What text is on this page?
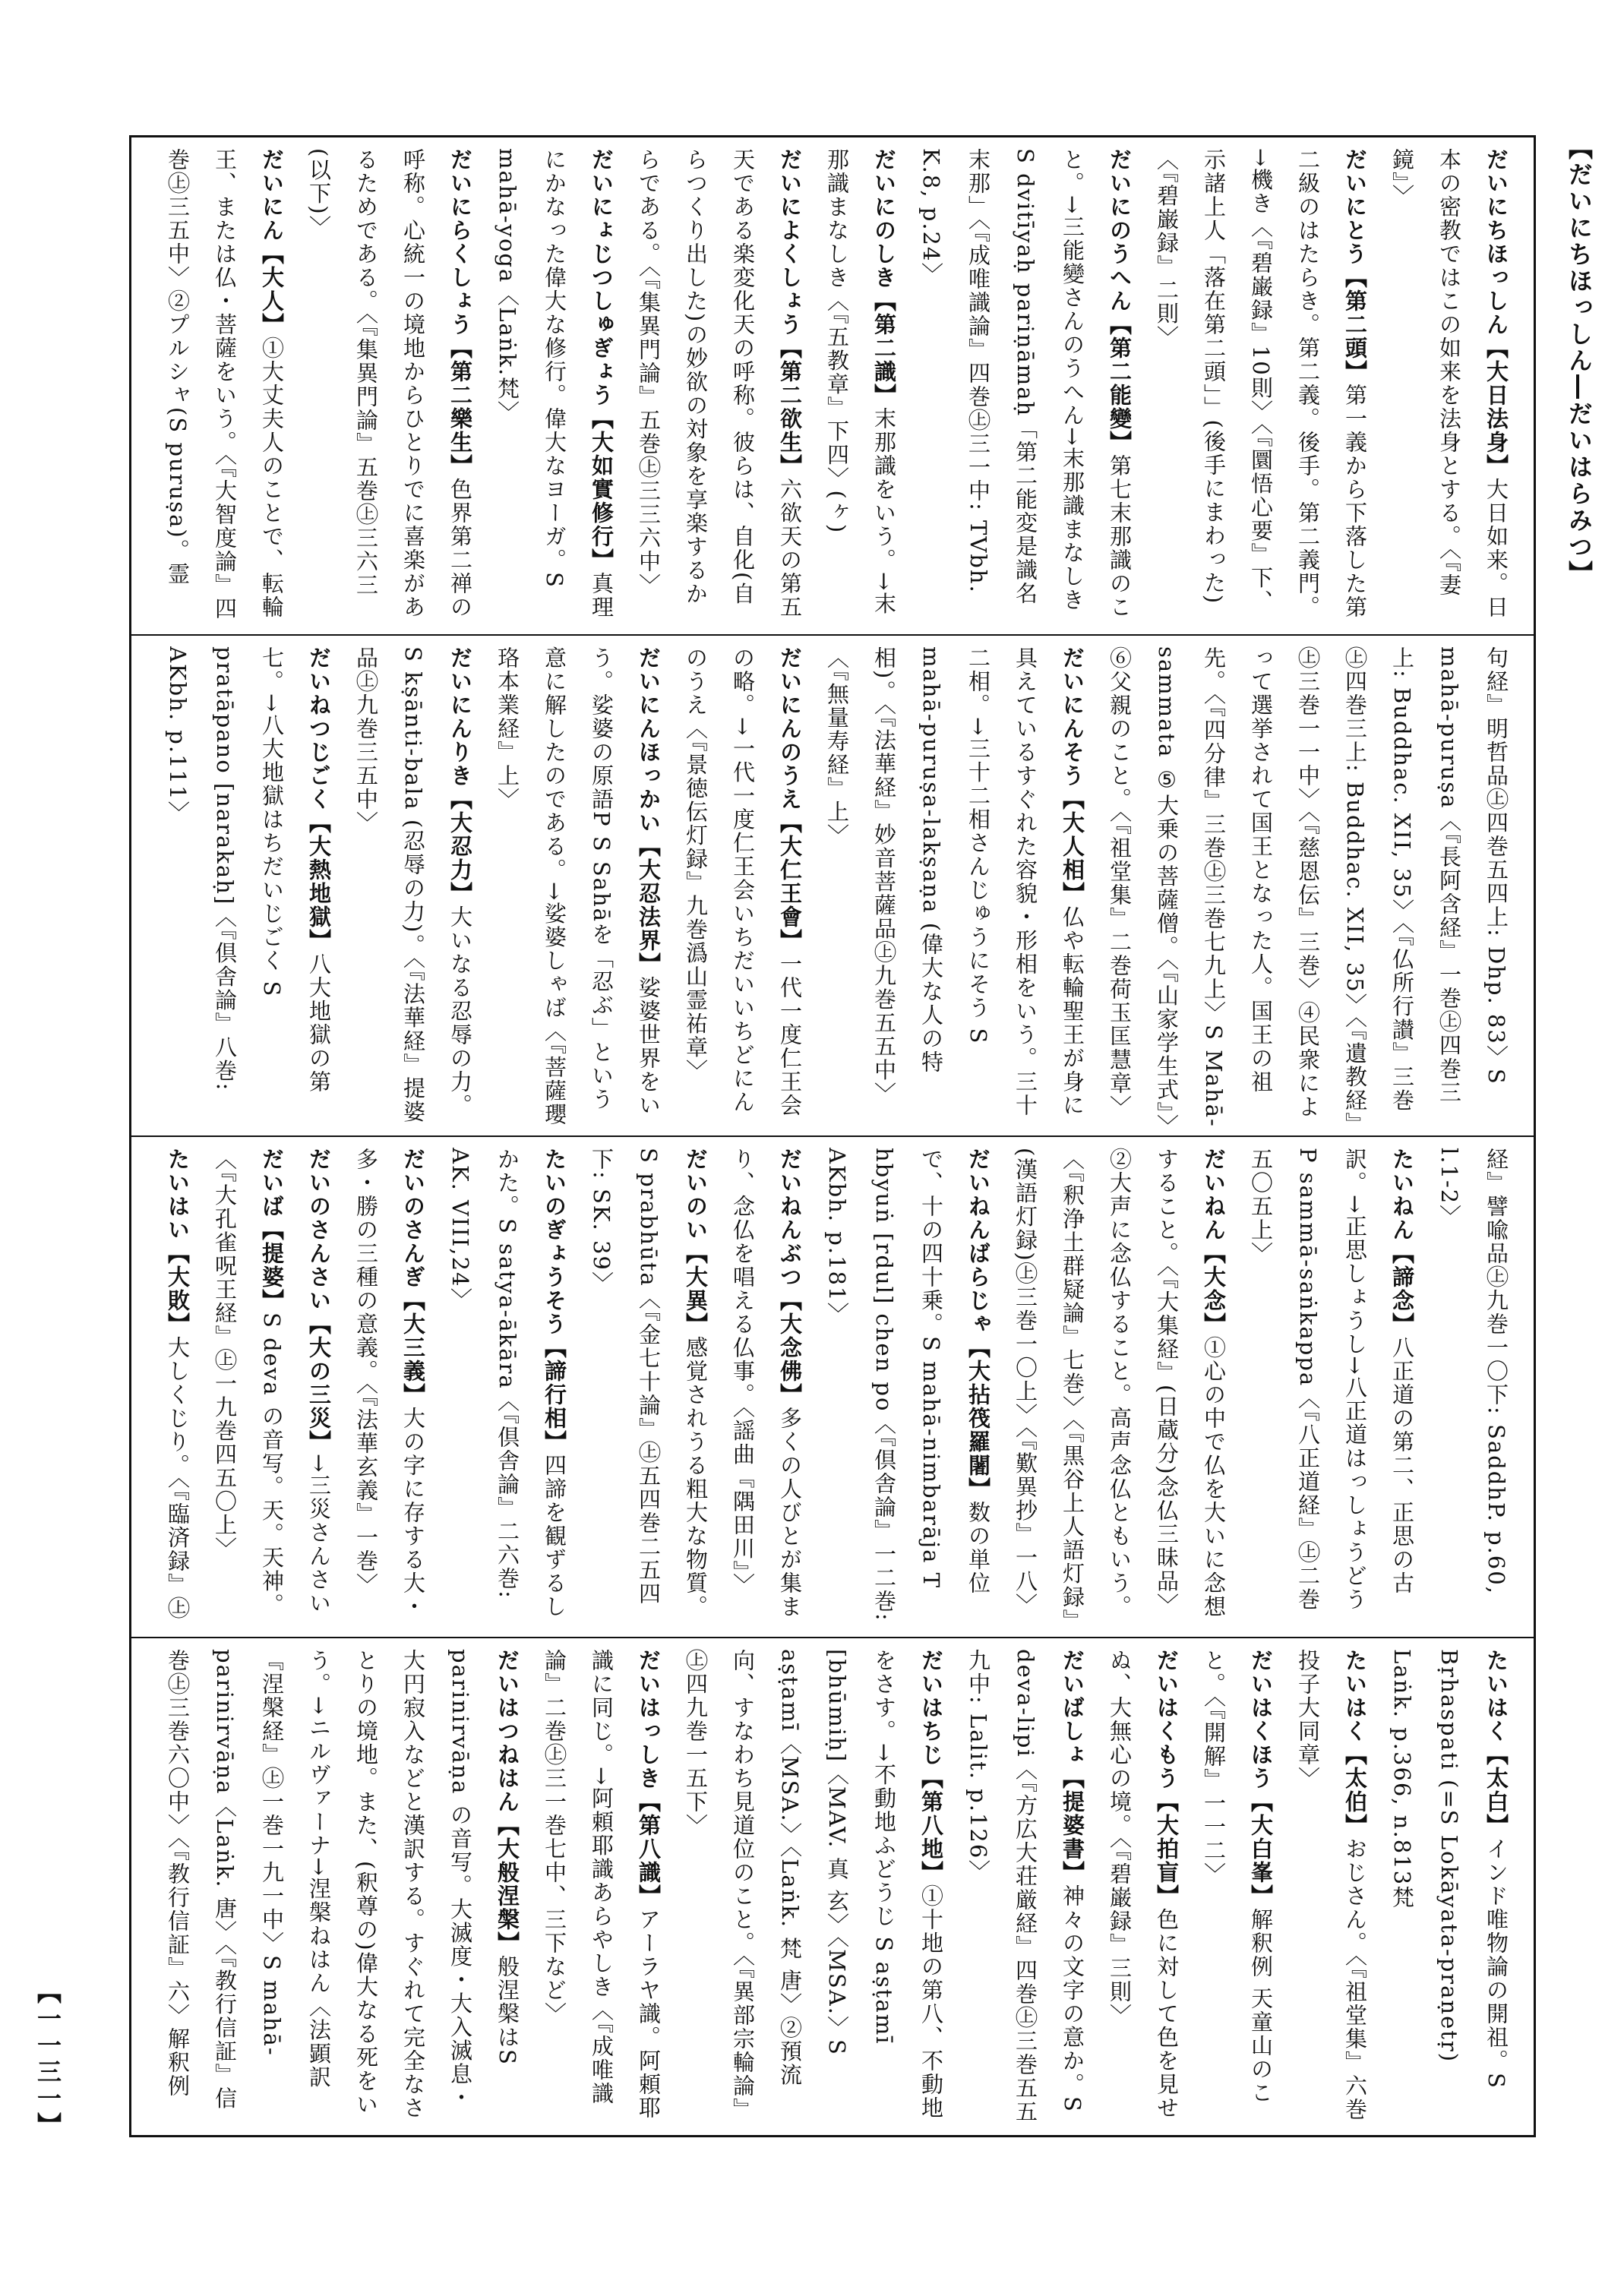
【だいにちほっしん―だいはらみつ】
だいにちほっしん【大日法身】大日如来。日本の密教ではこの如来を法身とする。〈『妻鏡』〉だいにとう【第二頭】第一義から下落した第二級のはたらき。第二義。後手。第二義門。→機き〈『碧巌録』10則〉〈『圜悟心要』下、示諸上人「落在第二頭」」(後手にまわった)〈『碧巌録』二則〉だいにのうへん【第二能變】第七末那識のこと。→三能變さんのうへん→末那識まなしき S dvitīyaḥ pariṇāmaḥ「第二能変是識名末那」〈『成唯識論』四巻㊤三一中: TVbh. K.8, p.24〉だいにのしき【第二識】末那識をいう。→末那識まなしき〈『五教章』下四〉(ヶ)だいによくしょう【第二欲生】六欲天の第五天である楽変化天の呼称。彼らは、自化(自らつくり出した)の妙欲の対象を享楽するからである。〈『集異門論』五巻㊤三三六中〉だいにょじつしゅぎょう【大如實修行】真理にかなった偉大な修行。偉大なヨーガ。S mahā-yoga〈Laṅk.梵〉だいにらくしょう【第二樂生】色界第二禅の呼称。心統一の境地からひとりでに喜楽があるためである。〈『集異門論』五巻㊤三六三(以下)〉だいにん【大人】①大丈夫人のことで、転輪王、または仏・菩薩をいう。〈『大智度論』四巻㊤三五中〉②プルシャ(S puruṣa)。霊
句経』明哲品㊤四巻五四上: Dhp. 83〉S mahā-puruṣa〈『長阿含経』一巻㊤四巻三上: Buddhac. XII, 35〉〈『仏所行讃』三巻㊤四巻三上: Buddhac. XII, 35〉〈『遺教経』㊤三巻一一中〉〈『慈恩伝』三巻〉④民衆によって選挙されて国王となった人。国王の祖先。〈『四分律』三巻㊤三巻七九上〉S Mahā-sammata ⑤大乗の菩薩僧。〈『山家学生式』〉⑥父親のこと。〈『祖堂集』二巻荷玉匡慧章〉だいにんそう【大人相】仏や転輪聖王が身に具えているすぐれた容貌・形相をいう。三十二相。→三十二相さんじゅうにそう S mahā-puruṣa-lakṣaṇa (偉大な人の特相)。〈『法華経』妙音菩薩品㊤九巻五五中〉〈『無量寿経』上〉だいにんのうえ【大仁王會】一代一度仁王会の略。→一代一度仁王会いちだいいちどにんのうえ〈『景徳伝灯録』九巻潙山霊祐章〉だいにんほっかい【大忍法界】娑婆世界をいう。娑婆の原語P S Sahāを「忍ぶ」という意に解したのである。→娑婆しゃば〈『菩薩瓔珞本業経』上〉だいにんりき【大忍力】大いなる忍辱の力。S kṣānti-bala (忍辱の力)。〈『法華経』提婆品㊤九巻三五中〉だいねつじごく【大熱地獄】八大地獄の第七。→八大地獄はちだいじごく S pratāpano [narakaḥ]〈『倶舎論』八巻: AKbh. p.111〉
経』譬喩品㊤九巻一〇下: SaddhP. p.60, l.1-2〉たいねん【諦念】八正道の第二、正思の古訳。→正思しょうし→八正道はっしょうどう P sammā-saṅkappa〈『八正道経』㊤二巻五〇五上〉だいねん【大念】①心の中で仏を大いに念想すること。〈『大集経』(日蔵分)念仏三昧品〉②大声に念仏すること。高声念仏ともいう。〈『釈浄土群疑論』七巻〉〈『黒谷上人語灯録』(漢語灯録)㊤三巻一〇上〉〈『歎異抄』一八〉だいねんばらじゃ【大拈筏羅闍】数の単位で、十の四十乗。S mahā-nimbarāja T hbyuṅ [rdul] chen po〈『倶舎論』一二巻: AKbh. p.181〉だいねんぶつ【大念佛】多くの人びとが集まり、念仏を唱える仏事。〈謡曲『隅田川』〉だいのい【大異】感覚されうる粗大な物質。S prabhūta〈『金七十論』㊤五四巻二五四下: SK. 39〉たいのぎょうそう【諦行相】四諦を観ずるしかた。S satya-ākāra〈『倶舎論』二六巻: AK. VIII,24〉だいのさんぎ【大三義】大の字に存する大・多・勝の三種の意義。〈『法華玄義』一巻〉だいのさんさい【大の三災】→三災さんさいだいば【提婆】S deva の音写。天。天神。〈『大孔雀呪王経』㊤一九巻四五〇上〉たいはい【大敗】大しくじり。〈『臨済録』㊤
たいはく【太白】インド唯物論の開祖。S Bṛhaspati (=S Lokāyata-praṇetṛ) Laṅk. p.366, n.813梵たいはく【太伯】おじさん。〈『祖堂集』六巻投子大同章〉だいはくほう【大白峯】解釈例 天童山のこと。〈『開解』一一二〉だいはくもう【大拍盲】色に対して色を見せぬ、大無心の境。〈『碧巌録』三則〉だいばしょ【提婆書】神々の文字の意か。S deva-lipi〈『方広大荘厳経』四巻㊤三巻五五九中: Lalit. p.126〉だいはちじ【第八地】①十地の第八、不動地をさす。→不動地ふどうじ S aṣṭamī [bhūmiḥ]〈MAV. 真 玄〉〈MSA.〉S aṣṭamī〈MSA.〉〈Laṅk. 梵 唐〉②預流向、すなわち見道位のこと。〈『異部宗輪論』㊤四九巻一五下〉だいはっしき【第八識】アーラヤ識。阿頼耶識に同じ。→阿頼耶識あらやしき〈『成唯識論』二巻㊤三一巻七中、三下など〉だいはつねはん【大般涅槃】般涅槃はS parinirvāṇa の音写。大滅度・大入滅息・大円寂入などと漢訳する。すぐれて完全なさとりの境地。また、(釈尊の)偉大なる死をいう。→ニルヴァーナ→涅槃ねはん〈法顕訳『涅槃経』㊤一巻一九一中〉S mahā-parinirvāṇa〈Laṅk. 唐〉〈『教行信証』信巻㊤三巻六〇中〉〈『教行信証』六〉解釈例
【一一三一】
